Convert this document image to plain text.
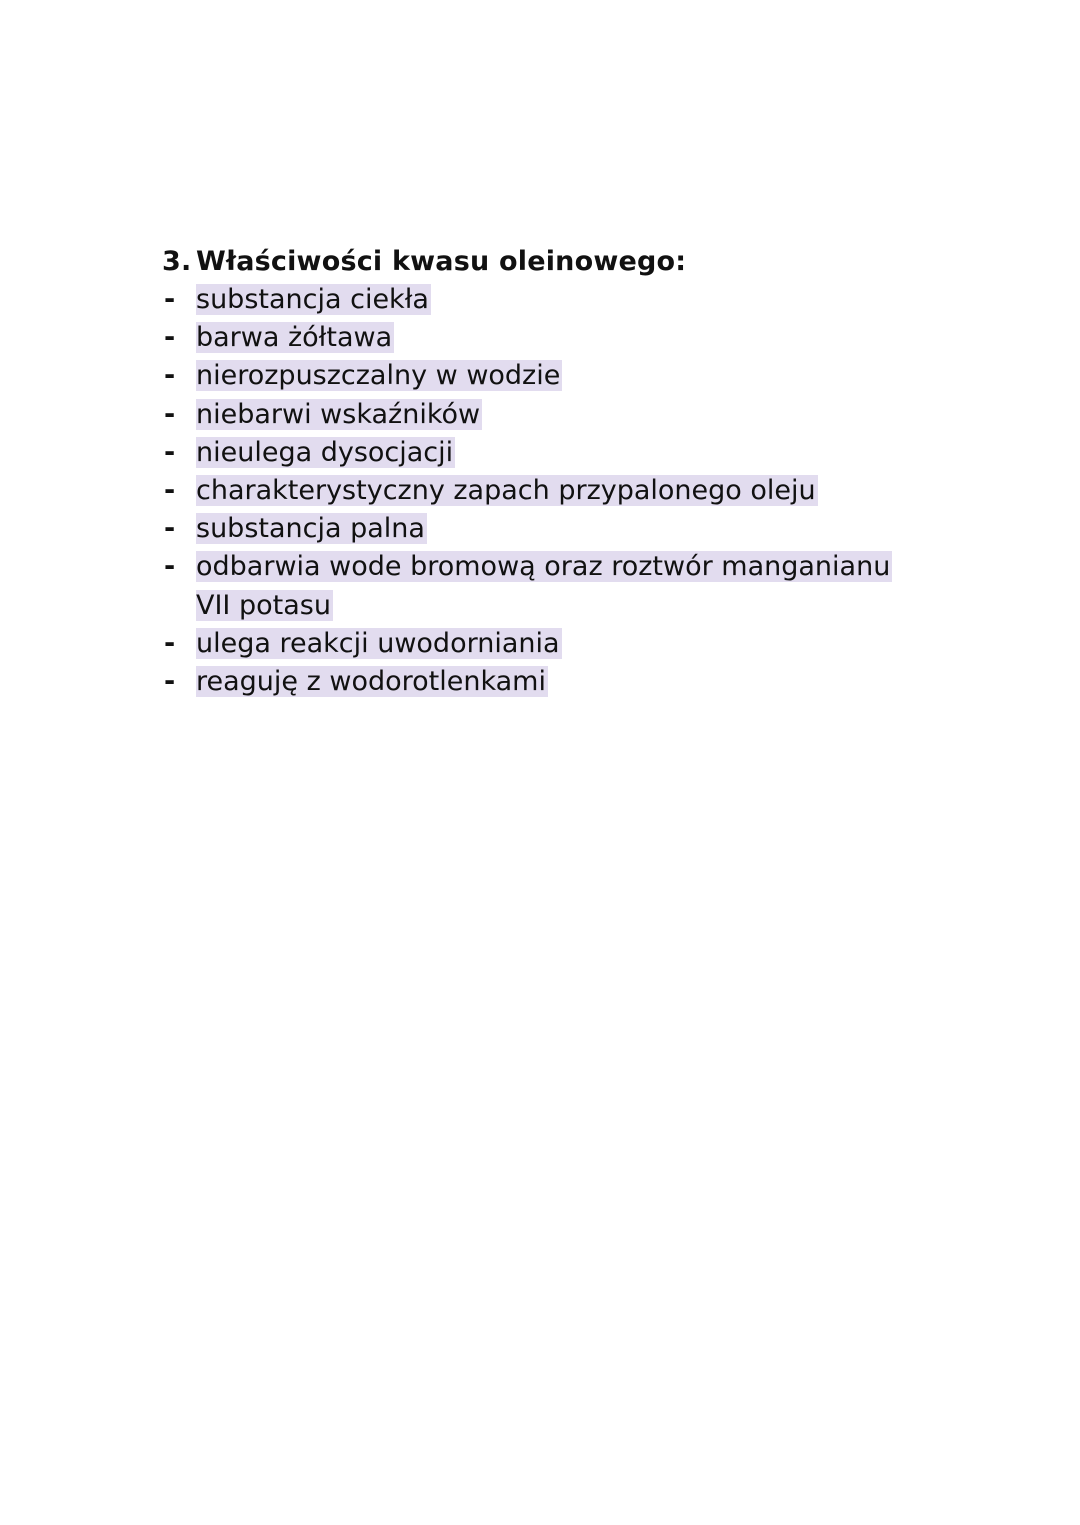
3. Właściwości kwasu oleinowego:
- substancja ciekła
- barwa żółtawa
- nierozpuszczalny w wodzie
- niebarwi wskaźników
- nieulega dysocjacji
- charakterystyczny zapach przypalonego oleju
- substancja palna
- odbarwia wode bromową oraz roztwór manganianu
VII potasu
- ulega reakcji uwodorniania
- reaguję z wodorotlenkami
